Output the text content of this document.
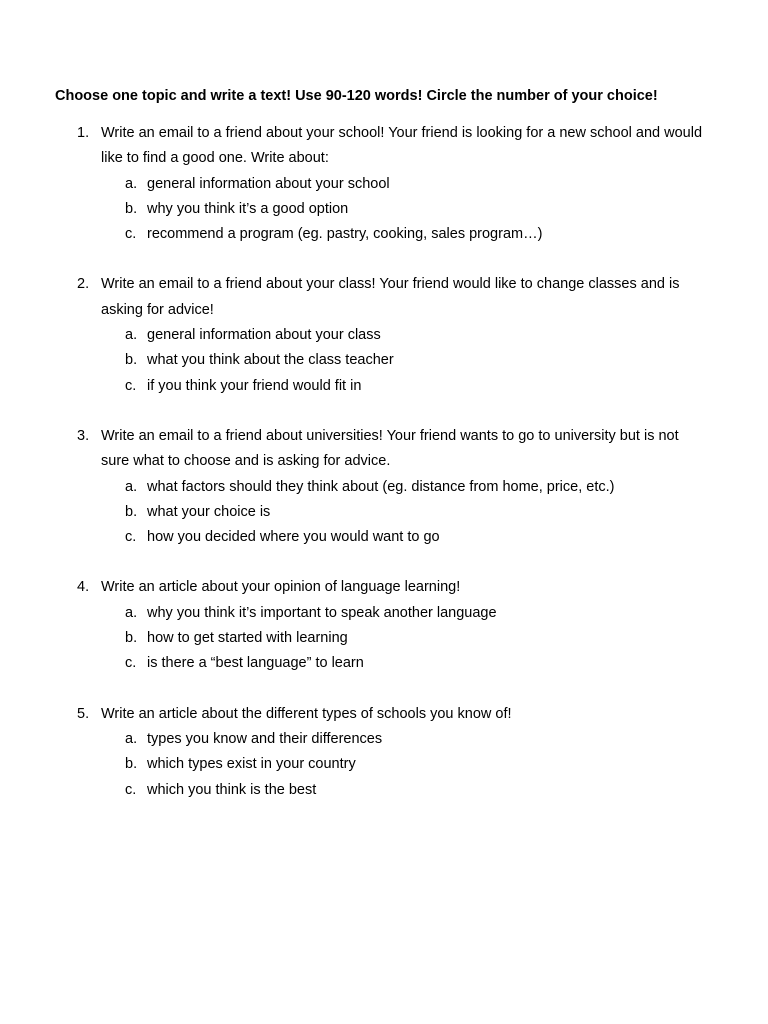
Choose one topic and write a text! Use 90-120 words! Circle the number of your choice!
1. Write an email to a friend about your school! Your friend is looking for a new school and would like to find a good one. Write about:
a. general information about your school
b. why you think it’s a good option
c. recommend a program (eg. pastry, cooking, sales program…)
2. Write an email to a friend about your class! Your friend would like to change classes and is asking for advice!
a. general information about your class
b. what you think about the class teacher
c. if you think your friend would fit in
3. Write an email to a friend about universities! Your friend wants to go to university but is not sure what to choose and is asking for advice.
a. what factors should they think about (eg. distance from home, price, etc.)
b. what your choice is
c. how you decided where you would want to go
4. Write an article about your opinion of language learning!
a. why you think it’s important to speak another language
b. how to get started with learning
c. is there a “best language” to learn
5. Write an article about the different types of schools you know of!
a. types you know and their differences
b. which types exist in your country
c. which you think is the best
